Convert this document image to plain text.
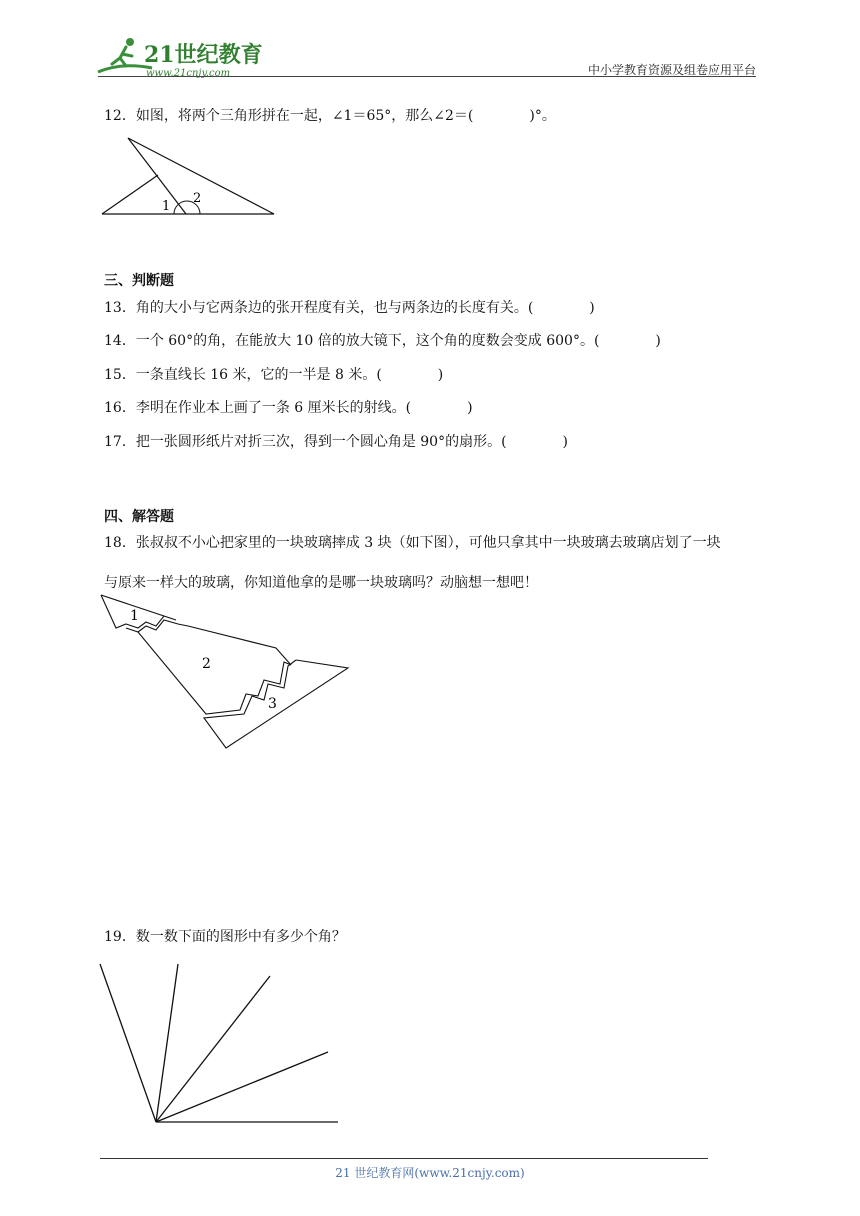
21世纪教育
www.21cnjy.com	中小学教育资源及组卷应用平台
12．如图，将两个三角形拼在一起，∠1＝65°，那么∠2＝(　　　　)°。
1
2
三、判断题
13．角的大小与它两条边的张开程度有关，也与两条边的长度有关。(　　　　)
14．一个 60°的角，在能放大 10 倍的放大镜下，这个角的度数会变成 600°。(　　　　)
15．一条直线长 16 米，它的一半是 8 米。(　　　　)
16．李明在作业本上画了一条 6 厘米长的射线。(　　　　)
17．把一张圆形纸片对折三次，得到一个圆心角是 90°的扇形。(　　　　)
四、解答题
18．张叔叔不小心把家里的一块玻璃摔成 3 块（如下图），可他只拿其中一块玻璃去玻璃店划了一块
与原来一样大的玻璃，你知道他拿的是哪一块玻璃吗？动脑想一想吧！
1
2
3
19．数一数下面的图形中有多少个角？
21 世纪教育网(www.21cnjy.com)
